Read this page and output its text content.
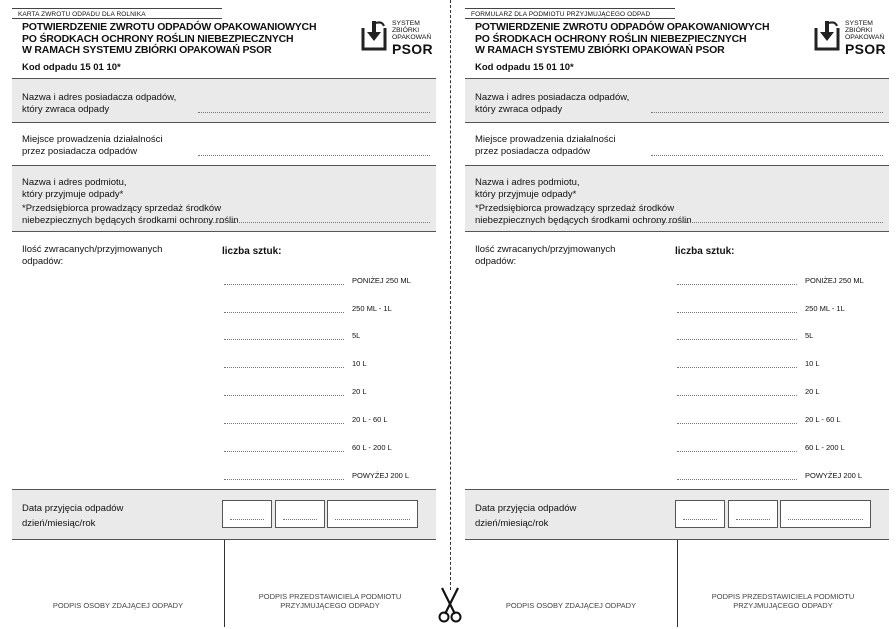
KARTA ZWROTU ODPADU DLA ROLNIKA
POTWIERDZENIE ZWROTU ODPADÓW OPAKOWANIOWYCH
PO ŚRODKACH OCHRONY ROŚLIN NIEBEZPIECZNYCH
W RAMACH SYSTEMU ZBIÓRKI OPAKOWAŃ PSOR
Kod odpadu 15 01 10*
SYSTEM
ZBIÓRKI
OPAKOWAŃ
PSOR
Nazwa i adres posiadacza odpadów,
który zwraca odpady
Miejsce prowadzenia działalności
przez posiadacza odpadów
Nazwa i adres podmiotu,
który przyjmuje odpady*
*Przedsiębiorca prowadzący sprzedaż środków
niebezpiecznych będących środkami ochrony roślin
Ilość zwracanych/przyjmowanych
odpadów:
liczba sztuk:
PONIŻEJ 250 ML
250 ML - 1L
5L
10 L
20 L
20 L - 60 L
60 L - 200 L
POWYŻEJ 200 L
Data przyjęcia odpadów
dzień/miesiąc/rok
PODPIS OSOBY ZDAJĄCEJ ODPADY
PODPIS PRZEDSTAWICIELA PODMIOTU
PRZYJMUJĄCEGO ODPADY
FORMULARZ DLA PODMIOTU PRZYJMUJĄCEGO ODPAD
POTWIERDZENIE ZWROTU ODPADÓW OPAKOWANIOWYCH
PO ŚRODKACH OCHRONY ROŚLIN NIEBEZPIECZNYCH
W RAMACH SYSTEMU ZBIÓRKI OPAKOWAŃ PSOR
Kod odpadu 15 01 10*
SYSTEM
ZBIÓRKI
OPAKOWAŃ
PSOR
Nazwa i adres posiadacza odpadów,
który zwraca odpady
Miejsce prowadzenia działalności
przez posiadacza odpadów
Nazwa i adres podmiotu,
który przyjmuje odpady*
*Przedsiębiorca prowadzący sprzedaż środków
niebezpiecznych będących środkami ochrony roślin
Ilość zwracanych/przyjmowanych
odpadów:
liczba sztuk:
PONIŻEJ 250 ML
250 ML - 1L
5L
10 L
20 L
20 L - 60 L
60 L - 200 L
POWYŻEJ 200 L
Data przyjęcia odpadów
dzień/miesiąc/rok
PODPIS OSOBY ZDAJĄCEJ ODPADY
PODPIS PRZEDSTAWICIELA PODMIOTU
PRZYJMUJĄCEGO ODPADY
